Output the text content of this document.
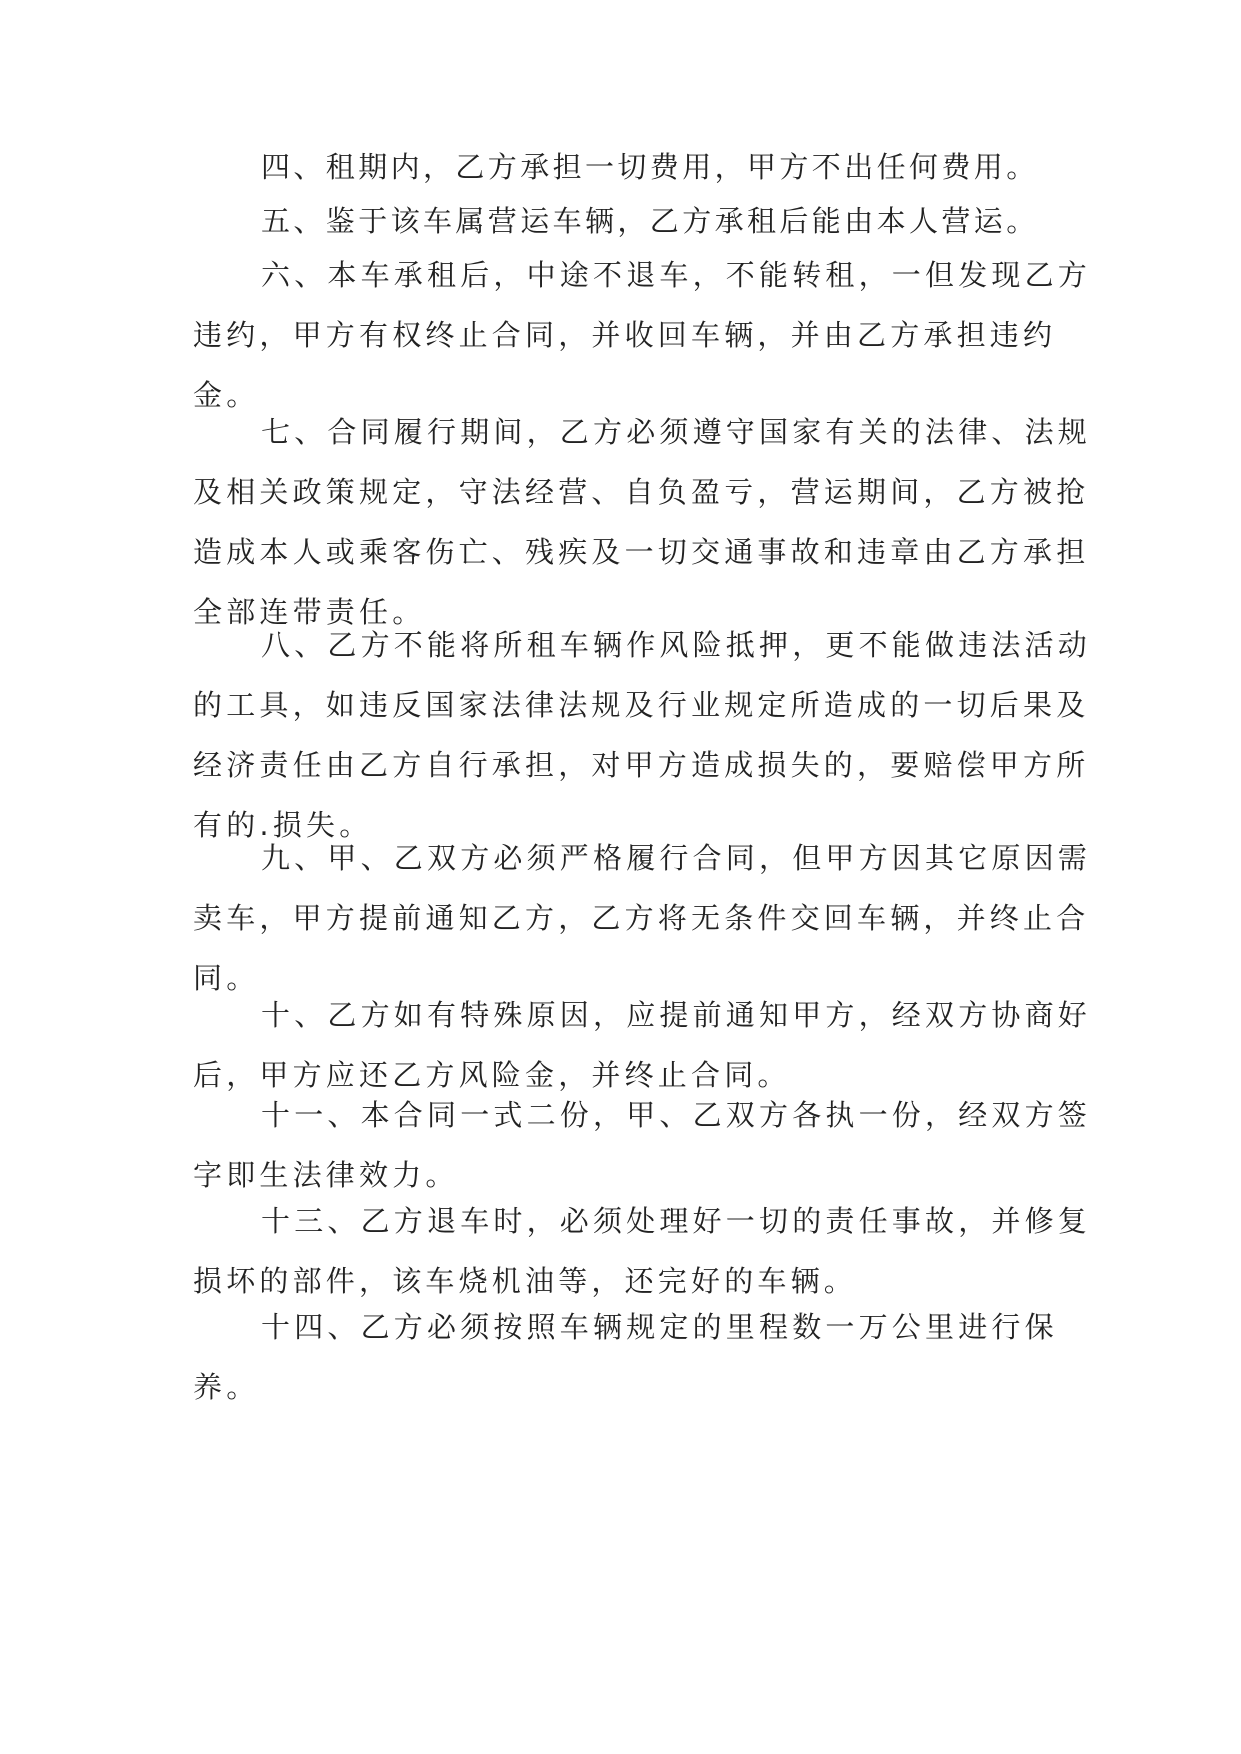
四、租期内，乙方承担一切费用，甲方不出任何费用。

五、鉴于该车属营运车辆，乙方承租后能由本人营运。

六、本车承租后，中途不退车，不能转租，一但发现乙方违约，甲方有权终止合同，并收回车辆，并由乙方承担违约金。

七、合同履行期间，乙方必须遵守国家有关的法律、法规及相关政策规定，守法经营、自负盈亏，营运期间，乙方被抢造成本人或乘客伤亡、残疾及一切交通事故和违章由乙方承担全部连带责任。

八、乙方不能将所租车辆作风险抵押，更不能做违法活动的工具，如违反国家法律法规及行业规定所造成的一切后果及经济责任由乙方自行承担，对甲方造成损失的，要赔偿甲方所有的.损失。

九、甲、乙双方必须严格履行合同，但甲方因其它原因需卖车，甲方提前通知乙方，乙方将无条件交回车辆，并终止合同。

十、乙方如有特殊原因，应提前通知甲方，经双方协商好后，甲方应还乙方风险金，并终止合同。

十一、本合同一式二份，甲、乙双方各执一份，经双方签字即生法律效力。

十三、乙方退车时，必须处理好一切的责任事故，并修复损坏的部件，该车烧机油等，还完好的车辆。

十四、乙方必须按照车辆规定的里程数一万公里进行保养。
